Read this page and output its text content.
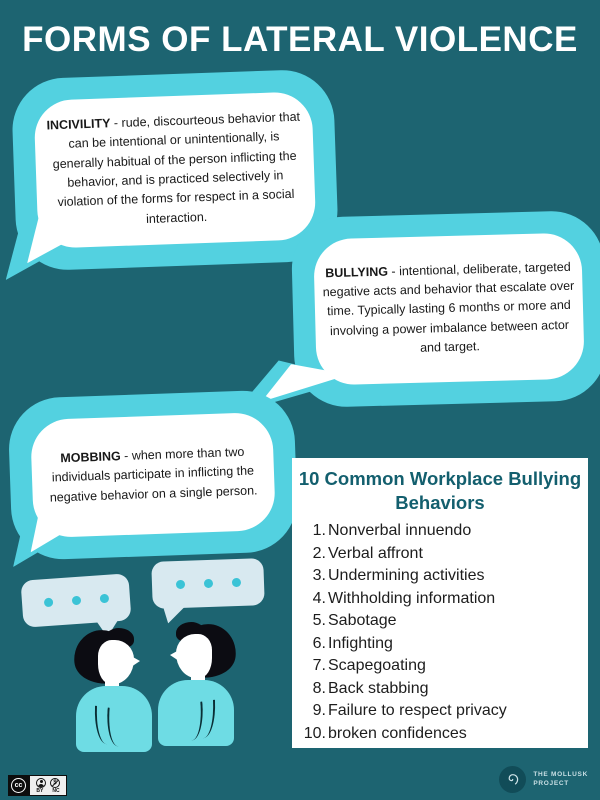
FORMS OF LATERAL VIOLENCE
INCIVILITY - rude, discourteous behavior that can be intentional or unintentionally, is generally habitual of the person inflicting the behavior, and is practiced selectively in violation of the forms for respect in a social interaction.
BULLYING - intentional, deliberate, targeted negative acts and behavior that escalate over time. Typically lasting 6 months or more and involving a power imbalance between actor and target.
MOBBING - when more than two individuals participate in inflicting the negative behavior on a single person.
10 Common Workplace Bullying
Behaviors
1. Nonverbal innuendo
2. Verbal affront
3. Undermining activities
4. Withholding information
5. Sabotage
6. Infighting
7. Scapegoating
8. Back stabbing
9. Failure to respect privacy
10. broken confidences
cc
BY NC
THE MOLLUSK
PROJECT
